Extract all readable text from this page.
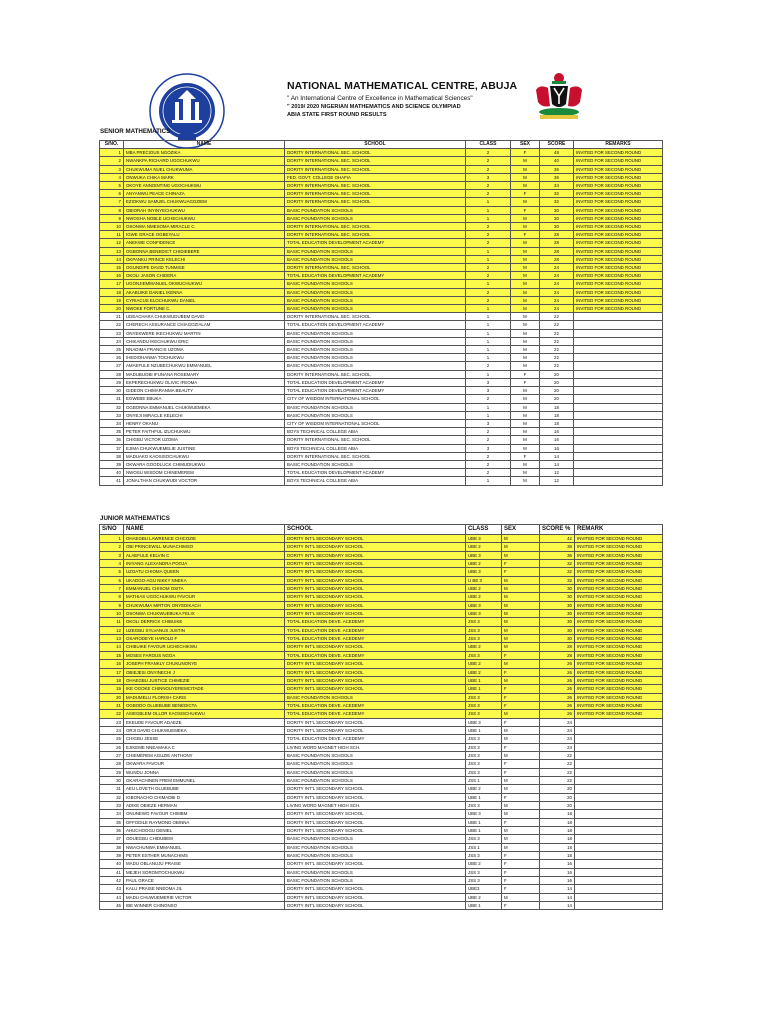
NATIONAL MATHEMATICAL CENTRE, ABUJA
" An International Centre of Excellence in Mathematical Sciences"
" 2019/ 2020 NIGERIAN MATHEMATICS AND SCIENCE OLYMPIAD
ABIA STATE FIRST ROUND RESULTS
SENIOR MATHEMATICS
S/NO.	NAME	SCHOOL	CLASS	SEX	SCORE	REMARKS
1	MBA PRECIOUS NGOZIKA	DORITY INTERNATIONAL SEC. SCHOOL	2	F	48	INVITED FOR SECOND ROUND
2	NWANKPA RICHARD UGOCHUKWU	DORITY INTERNATIONAL SEC. SCHOOL	2	M	40	INVITED FOR SECOND ROUND
3	CHUKWUMA NUEL CHUKWUMA	DORITY INTERNATIONAL SEC. SCHOOL	2	M	36	INVITED FOR SECOND ROUND
4	ONWUKA CHIKA MARK	FED. GOVT. COLLEGE OHAFIA	3	M	36	INVITED FOR SECOND ROUND
5	OKOYE ANNOINTING UGOCHUKWU	DORITY INTERNATIONAL SEC. SCHOOL	2	M	34	INVITED FOR SECOND ROUND
6	ANYANWU PEACE CHINAZA	DORITY INTERNATIONAL SEC. SCHOOL	2	F	32	INVITED FOR SECOND ROUND
7	EZIOKWU SAMUEL CHUKWUAGOZIEM	DORITY INTERNATIONAL SEC. SCHOOL	1	M	32	INVITED FOR SECOND ROUND
8	OBIORAH INYINYECHUKWU	BASIC FOUNDATION SCHOOLS	1	F	30	INVITED FOR SECOND ROUND
9	NWOSHA NOBLE UCHECHUKWU	BASIC FOUNDATION SCHOOLS	1	M	30	INVITED FOR SECOND ROUND
10	OSONWA NMESOMA MIRACLE C.	DORITY INTERNATIONAL SEC. SCHOOL	2	M	30	INVITED FOR SECOND ROUND
11	IGWE GRACE OGBEYALU	DORITY INTERNATIONAL SEC. SCHOOL	2	F	28	INVITED FOR SECOND ROUND
12	ANEKWE CONFIDENCE	TOTAL EDUCATION DEVELOPMENT ACADEMY	2	M	28	INVITED FOR SECOND ROUND
13	OGBONNA BENEDICT CHIDIEBERE	BASIC FOUNDATION SCHOOLS	1	M	28	INVITED FOR SECOND ROUND
14	OKPANKU PRINCE KELECHI	BASIC FOUNDATION SCHOOLS	1	M	28	INVITED FOR SECOND ROUND
15	OGUNDIPE DAVID TUNMISE	DORITY INTERNATIONAL SEC. SCHOOL	2	M	24	INVITED FOR SECOND ROUND
16	OKOLI JASON CHIDERA	TOTAL EDUCATION DEVELOPMENT ACADEMY	2	M	24	INVITED FOR SECOND ROUND
17	UGONJIEMMANUEL OKWUCHUKWU	BASIC FOUNDATION SCHOOLS	1	M	24	INVITED FOR SECOND ROUND
18	AKABUIKE DANIEL IKENNA	BASIC FOUNDATION SCHOOLS	2	M	24	INVITED FOR SECOND ROUND
19	CYRIACUS ELOCHUKWU DANIEL	BASIC FOUNDATION SCHOOLS	2	M	24	INVITED FOR SECOND ROUND
20	NWOKE FORTUNE C.	BASIC FOUNDATION SCHOOLS	1	M	24	INVITED FOR SECOND ROUND
21	UDEACHARA CHUKWUDUBEM DAVID	DORITY INTERNATIONAL SEC. SCHOOL	1	M	22	
22	CHERECH ASSURANCE CHIAGOZIALAM	TOTAL EDUCATION DEVELOPMENT ACADEMY	1	M	22	
23	ONYEKWERE IKECHUKWU MARTIN	BASIC FOUNDATION SCHOOLS	1	M	22	
24	CHIKANDU IKECHUKWU ERIC	BASIC FOUNDATION SCHOOLS	1	M	22	
25	NNADIMA FRANCIS UZOMA	BASIC FOUNDATION SCHOOLS	1	M	22	
26	IHEDIOHANMA TOCHUKWU	BASIC FOUNDATION SCHOOLS	1	M	22	
27	AMAEFULE NZUBECHUKWU EMMANUEL	BASIC FOUNDATION SCHOOLS	2	M	22	
28	MADUBUOBI IFUNANA ROSEMARY	DORITY INTERNATIONAL SEC. SCHOOL	1	F	20	
29	EKPERECHUKWU OLIVIC IFEOMA	TOTAL EDUCATION DEVELOPMENT ACADEMY	3	F	20	
30	GIDEON CHIMARANMA BEAUTY	TOTAL EDUCATION DEVELOPMENT ACADEMY	3	M	20	
31	EGWEBE EBUKA	CITY OF WISDOM INTERNATIONAL SCHOOL	2	M	20	
32	OGBONNA EMMANUEL CHUKWUEMEKA	BASIC FOUNDATION SCHOOLS	1	M	18	
33	ONYEJI MIRACLE KELECHI	BASIC FOUNDATION SCHOOLS	1	M	18	
34	HENRY OKANU	CITY OF WISDOM INTERNATIONAL SCHOOL	3	M	18	
35	PETER FAITHFUL IZUCHUKWU	BOYS TECHNICAL COLLEGE ABIA	2	M	16	
36	CHIGBU VICTOR UZOMA	DORITY INTERNATIONAL SEC. SCHOOL	2	M	16	
37	EJIMA CHUKWUEMELIE JUSTINE	BOYS TECHNICAL COLLEGE ABIA	3	M	16	
38	MADUAKO KAOSISOCHUKWU	DORITY INTERNATIONAL SEC. SCHOOL	2	F	14	
39	OKWARA GOODLUCK CHIMUDIUKWU	BASIC FOUNDATION SCHOOLS	2	M	14	
40	NWOSU WISDOM CHINEMEREM	TOTAL EDUCATION DEVELOPMENT ACADEMY	2	M	12	
41	JONALTHAN CHUKWUDI VOCTOR	BOYS TECHNICAL COLLEGE ABIA	1	M	12	
JUNIOR MATHEMATICS
S/NO	NAME	SCHOOL	CLASS	SEX	SCORE %	REMARK
1	OHAEGBU LAWRENCE CHICOZIE	DORITY INT'L SECONDARY SCHOOL	UBE 3	M	42	INVITED FOR SECOND ROUND
2	OBI PRINCEWILL MUNACHIMSO	DORITY INT'L SECONDARY SCHOOL	UBE 2	M	38	INVITED FOR SECOND ROUND
3	ALAEFULE KELVIN C	DORITY INT'L SECONDARY SCHOOL	UBE 3	M	36	INVITED FOR SECOND ROUND
4	INIYANG ALEXANDRA POOJA	DORITY INT'L SECONDARY SCHOOL	UBE 2	F	32	INVITED FOR SECOND ROUND
5	UZOATU CHIOMA QUEEN	DORITY INT'L SECONDARY SCHOOL	UBE 3	F	32	INVITED FOR SECOND ROUND
6	UKADGO-AGU NIKKY NNEKA	DORITY INT'L SECONDARY SCHOOL	U BE 3	M	32	INVITED FOR SECOND ROUND
7	EMMANUEL CHISOM OSITA	DORITY INT'L SECONDARY SCHOOL	UBE 2	M	30	INVITED FOR SECOND ROUND
8	MATHIAS UGOCHUKWU FAVOUR	DORITY INT'L SECONDARY SCHOOL	UBE 2	M	30	INVITED FOR SECOND ROUND
9	CHUKWUMA MIRTON ONYEDIKACH	DORITY INT'L SECONDARY SCHOOL	UBE 3	M	30	INVITED FOR SECOND ROUND
10	OSONWA CHUKWUEBUKA FELIX	DORITY INT'L SECONDARY SCHOOL	UBE 3	M	30	INVITED FOR SECOND ROUND
11	OKOLI DERRICK CHIBUIKE	TOTAL EDUCATION DEVE. ACEDEMY	JSS 3	M	30	INVITED FOR SECOND ROUND
12	UZEGBU SYLVANUS JUSTIN	TOTAL EDUCATION DEVE. ACEDEMY	JSS 3	M	30	INVITED FOR SECOND ROUND
13	OSARODEYE HAROLD F	TOTAL EDUCATION DEVE. ACEDEMY	JSS 3	M	30	INVITED FOR SECOND ROUND
14	CHIBUIKE FAVOUR UCHECHIKWU	DORITY INT'L SECONDARY SCHOOL	UBE 2	M	28	INVITED FOR SECOND ROUND
15	MOSES FAROUS NGOA	TOTAL EDUCATION DEVE. ACEDEMY	JSS 3	F	28	INVITED FOR SECOND ROUND
16	JOSEPH FRANKLY CHUKUNONYE	DORITY INT'L SECONDARY SCHOOL	UBE 2	M	26	INVITED FOR SECOND ROUND
17	OBIEJESI ONYINECHI J	DORITY INT'L SECONDARY SCHOOL	UBE 2	F	26	INVITED FOR SECOND ROUND
18	OHAEGBU JUSTICE CHIMEZIE	DORITY INT'L SECONDARY SCHOOL	UBE 1	M	26	INVITED FOR SECOND ROUND
19	IKE OGOKE CHINNOUYEREMCITADE	DORITY INT'L SECONDARY SCHOOL	UBE 1	F	26	INVITED FOR SECOND ROUND
20	MADUMELU FLORISH CARIS	BASIC FOUNDATION SCHOOLS	JSS 3	F	26	INVITED FOR SECOND ROUND
21	OGBODO OLUEBUBE BENEDICTA	TOTAL EDUCATION DEVE. ACEDEMY	JSS 3	F	26	INVITED FOR SECOND ROUND
22	ASIEGBLEM OLLOR KAOSISCHUKWU	TOTAL EDUCATION DEVE. ACEDEMY	JSS 3	M	26	INVITED FOR SECOND ROUND
23	EKEUDE FAVOUR ADAEZE	DORITY INT'L SECONDARY SCHOOL	UBE 3	F	24	
24	ORJI DAVID CHUKWUEMEKA	DORITY INT'L SECONDARY SCHOOL	UBE 1	M	24	
25	CHIGBU JESSE	TOTAL EDUCATION DEVE. ACEDEMY	JSS 3	M	24	
26	EJIKEME NNEAMAKA C	LIVING WORD MAGNET HIGH SCH.	JSS 3	F	24	
27	CHIEMEREM AGUZIE ANTHONY	BASIC FOUNDATION SCHOOLS	JSS 3	M	22	
28	OKWARA FAVOUR	BASIC FOUNDATION SCHOOLS	JSS 3	F	22	
29	WUNDU JONNA	BASIC FOUNDATION SCHOOLS	JSS 3	F	22	
30	OKARACHINEN FREM EMMUNEL	BASIC FOUNDATION SCHOOLS	JSS 1	M	22	
31	AEU LOVETH OLUEBUBE	DORITY INT'L SECONDARY SCHOOL	UBE 2	M	20	
32	IGBONACHO CHIMADBI D	DORITY INT'L SECONDARY SCHOOL	UBE 1	F	20	
33	ADIKE OBIEZE HERMAN	LIVING WORD MAGNET HIGH SCH.	JSS 3	M	20	
34	ONUNEWO FAVOUR CHIMBM	DORITY INT'L SECONDARY SCHOOL	UBE 3	M	18	
35	OFFODILE RAYMOND OBINNA	DORITY INT'L SECONDARY SCHOOL	UBE 1	F	18	
36	AHUCHOOGU DENIEL	DORITY INT'L SECONDARY SCHOOL	UBE 1	M	18	
37	ODUEGBU CHIDUBEM	BASIC FOUNDATION SCHOOLS	JSS 3	M	18	
38	NWACHUNWA EMMANUEL	BASIC FOUNDATION SCHOOLS	JSS 1	M	18	
39	PETER ESTHER MUNACHIMS	BASIC FOUNDATION SCHOOLS	JSS 3	F	18	
40	MADU OBLANUJU PRAISE	DORITY INT'L SECONDARY SCHOOL	UBE 2	F	16	
41	MEJEH SOROMTOCHUKWU	BASIC FOUNDATION SCHOOLS	JSS 3	F	16	
42	PAUL GRACE	BASIC FOUNDATION SCHOOLS	JSS 3	F	16	
43	KALU PRAISE NNEOMA JIL	DORITY INT'L SECONDARY SCHOOL	UBE3	F	14	
44	MADU CHUWUEMERIE VICTOR	DORITY INT'L SECONDARY SCHOOL	UBE 2	M	14	
45	IBE WINNER CHINONSO	DORITY INT'L SECONDARY SCHOOL	UBE 1	F	14	
